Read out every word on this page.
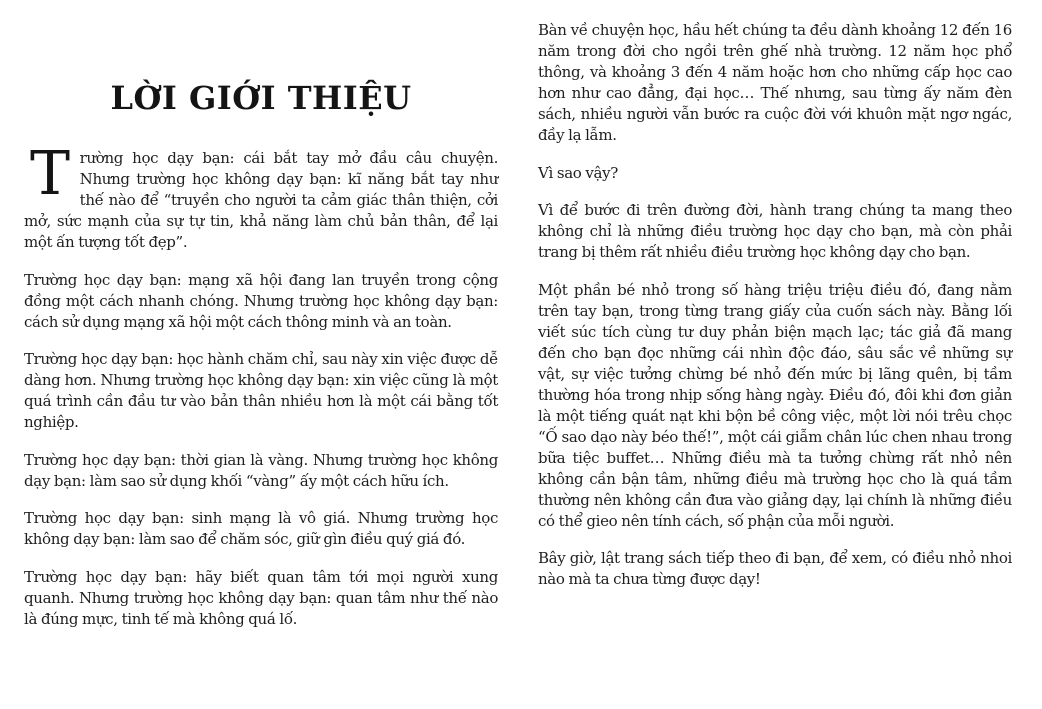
LỜI GIỚI THIỆU

Trường học dạy bạn: cái bắt tay mở đầu câu chuyện. Nhưng trường học không dạy bạn: kĩ năng bắt tay như thế nào để “truyền cho người ta cảm giác thân thiện, cởi mở, sức mạnh của sự tự tin, khả năng làm chủ bản thân, để lại một ấn tượng tốt đẹp”.

Trường học dạy bạn: mạng xã hội đang lan truyền trong cộng đồng một cách nhanh chóng. Nhưng trường học không dạy bạn: cách sử dụng mạng xã hội một cách thông minh và an toàn.

Trường học dạy bạn: học hành chăm chỉ, sau này xin việc được dễ dàng hơn. Nhưng trường học không dạy bạn: xin việc cũng là một quá trình cần đầu tư vào bản thân nhiều hơn là một cái bằng tốt nghiệp.

Trường học dạy bạn: thời gian là vàng. Nhưng trường học không dạy bạn: làm sao sử dụng khối “vàng” ấy một cách hữu ích.

Trường học dạy bạn: sinh mạng là vô giá. Nhưng trường học không dạy bạn: làm sao để chăm sóc, giữ gìn điều quý giá đó.

Trường học dạy bạn: hãy biết quan tâm tới mọi người xung quanh. Nhưng trường học không dạy bạn: quan tâm như thế nào là đúng mực, tinh tế mà không quá lố.

Bàn về chuyện học, hầu hết chúng ta đều dành khoảng 12 đến 16 năm trong đời cho ngồi trên ghế nhà trường. 12 năm học phổ thông, và khoảng 3 đến 4 năm hoặc hơn cho những cấp học cao hơn như cao đẳng, đại học… Thế nhưng, sau từng ấy năm đèn sách, nhiều người vẫn bước ra cuộc đời với khuôn mặt ngơ ngác, đầy lạ lẫm.

Vì sao vậy?

Vì để bước đi trên đường đời, hành trang chúng ta mang theo không chỉ là những điều trường học dạy cho bạn, mà còn phải trang bị thêm rất nhiều điều trường học không dạy cho bạn.

Một phần bé nhỏ trong số hàng triệu triệu điều đó, đang nằm trên tay bạn, trong từng trang giấy của cuốn sách này. Bằng lối viết súc tích cùng tư duy phản biện mạch lạc; tác giả đã mang đến cho bạn đọc những cái nhìn độc đáo, sâu sắc về những sự vật, sự việc tưởng chừng bé nhỏ đến mức bị lãng quên, bị tầm thường hóa trong nhịp sống hàng ngày. Điều đó, đôi khi đơn giản là một tiếng quát nạt khi bộn bề công việc, một lời nói trêu chọc “Ố sao dạo này béo thế!”, một cái giẫm chân lúc chen nhau trong bữa tiệc buffet… Những điều mà ta tưởng chừng rất nhỏ nên không cần bận tâm, những điều mà trường học cho là quá tầm thường nên không cần đưa vào giảng dạy, lại chính là những điều có thể gieo nên tính cách, số phận của mỗi người.

Bây giờ, lật trang sách tiếp theo đi bạn, để xem, có điều nhỏ nhoi nào mà ta chưa từng được dạy!
